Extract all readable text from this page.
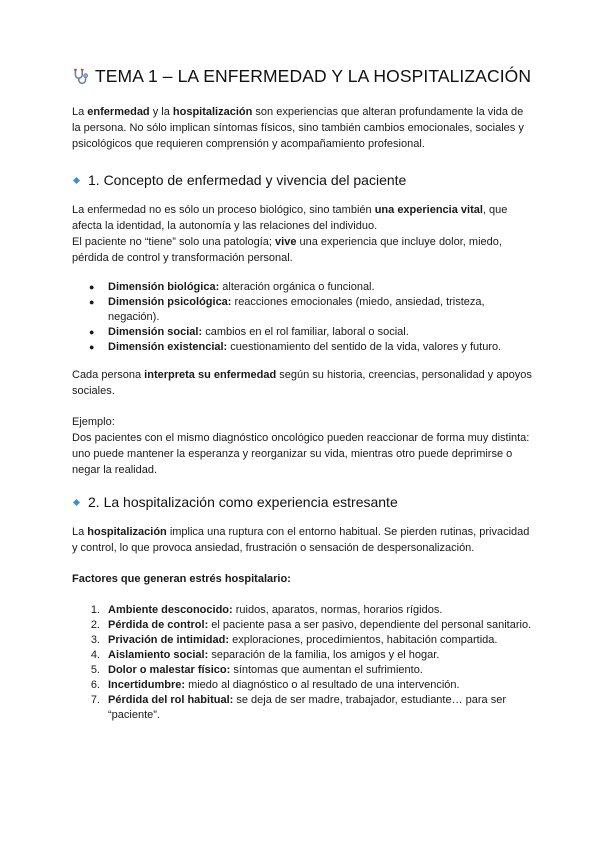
TEMA 1 – LA ENFERMEDAD Y LA HOSPITALIZACIÓN

La enfermedad y la hospitalización son experiencias que alteran profundamente la vida de la persona. No sólo implican síntomas físicos, sino también cambios emocionales, sociales y psicológicos que requieren comprensión y acompañamiento profesional.

1. Concepto de enfermedad y vivencia del paciente

La enfermedad no es sólo un proceso biológico, sino también una experiencia vital, que afecta la identidad, la autonomía y las relaciones del individuo.

El paciente no “tiene” solo una patología; vive una experiencia que incluye dolor, miedo, pérdida de control y transformación personal.

● Dimensión biológica: alteración orgánica o funcional.
● Dimensión psicológica: reacciones emocionales (miedo, ansiedad, tristeza, negación).
● Dimensión social: cambios en el rol familiar, laboral o social.
● Dimensión existencial: cuestionamiento del sentido de la vida, valores y futuro.

Cada persona interpreta su enfermedad según su historia, creencias, personalidad y apoyos sociales.

Ejemplo:

Dos pacientes con el mismo diagnóstico oncológico pueden reaccionar de forma muy distinta: uno puede mantener la esperanza y reorganizar su vida, mientras otro puede deprimirse o negar la realidad.

2. La hospitalización como experiencia estresante

La hospitalización implica una ruptura con el entorno habitual. Se pierden rutinas, privacidad y control, lo que provoca ansiedad, frustración o sensación de despersonalización.

Factores que generan estrés hospitalario:

1. Ambiente desconocido: ruidos, aparatos, normas, horarios rígidos.
2. Pérdida de control: el paciente pasa a ser pasivo, dependiente del personal sanitario.
3. Privación de intimidad: exploraciones, procedimientos, habitación compartida.
4. Aislamiento social: separación de la familia, los amigos y el hogar.
5. Dolor o malestar físico: síntomas que aumentan el sufrimiento.
6. Incertidumbre: miedo al diagnóstico o al resultado de una intervención.
7. Pérdida del rol habitual: se deja de ser madre, trabajador, estudiante… para ser “paciente”.
